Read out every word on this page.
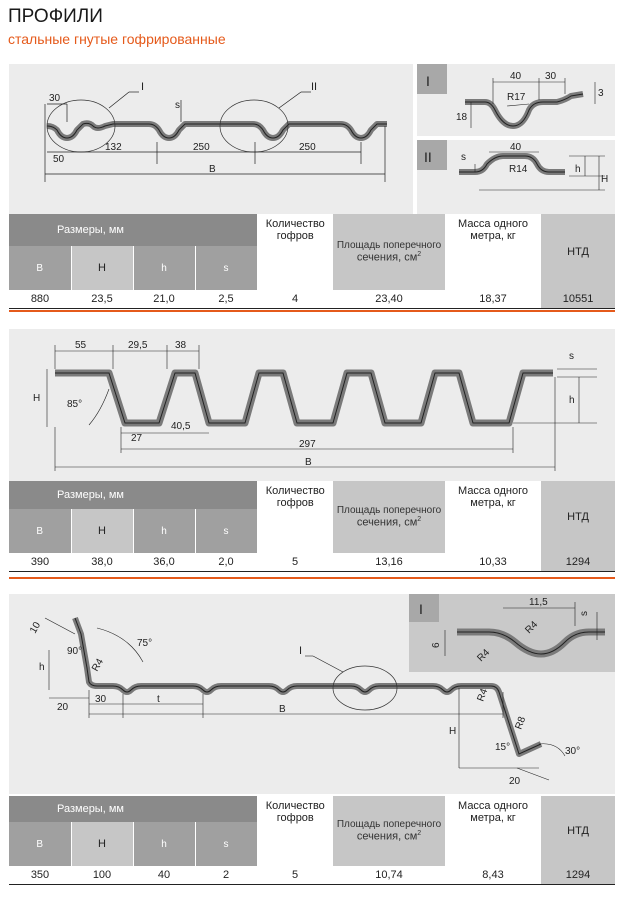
ПРОФИЛИ
стальные гнутые гофрированные
30
50
132	250	250
B
s
I	II
40 30
R17	3
18
I
40
R14
s
h
H
II
Размеры, мм				Количество гофров	Площадь поперечного
сечения, $см^2$	Масса одного
метра, кг	НТД
B	H	h	s				
880	23,5	21,0	2,5	4	23,40	18,37	10551
55	29,5	38
27
40,5
297
B
H	h
s
85°
Размеры, мм				Количество гофров	Площадь поперечного
сечения, $см^2$	Масса одного
метра, кг	НТД
B	H	h	s				
390	38,0	36,0	2,0	5	13,16	10,33	1294
10
90°
75°
R4
h
20
30	t
B
I
H
R4
R8
15°	30°
20
11,5
s
6
R4
R4
I
Размеры, мм				Количество гофров	Площадь поперечного
сечения, $см^2$	Масса одного
метра, кг	НТД
B	H	h	s				
350	100	40	2	5	10,74	8,43	1294
